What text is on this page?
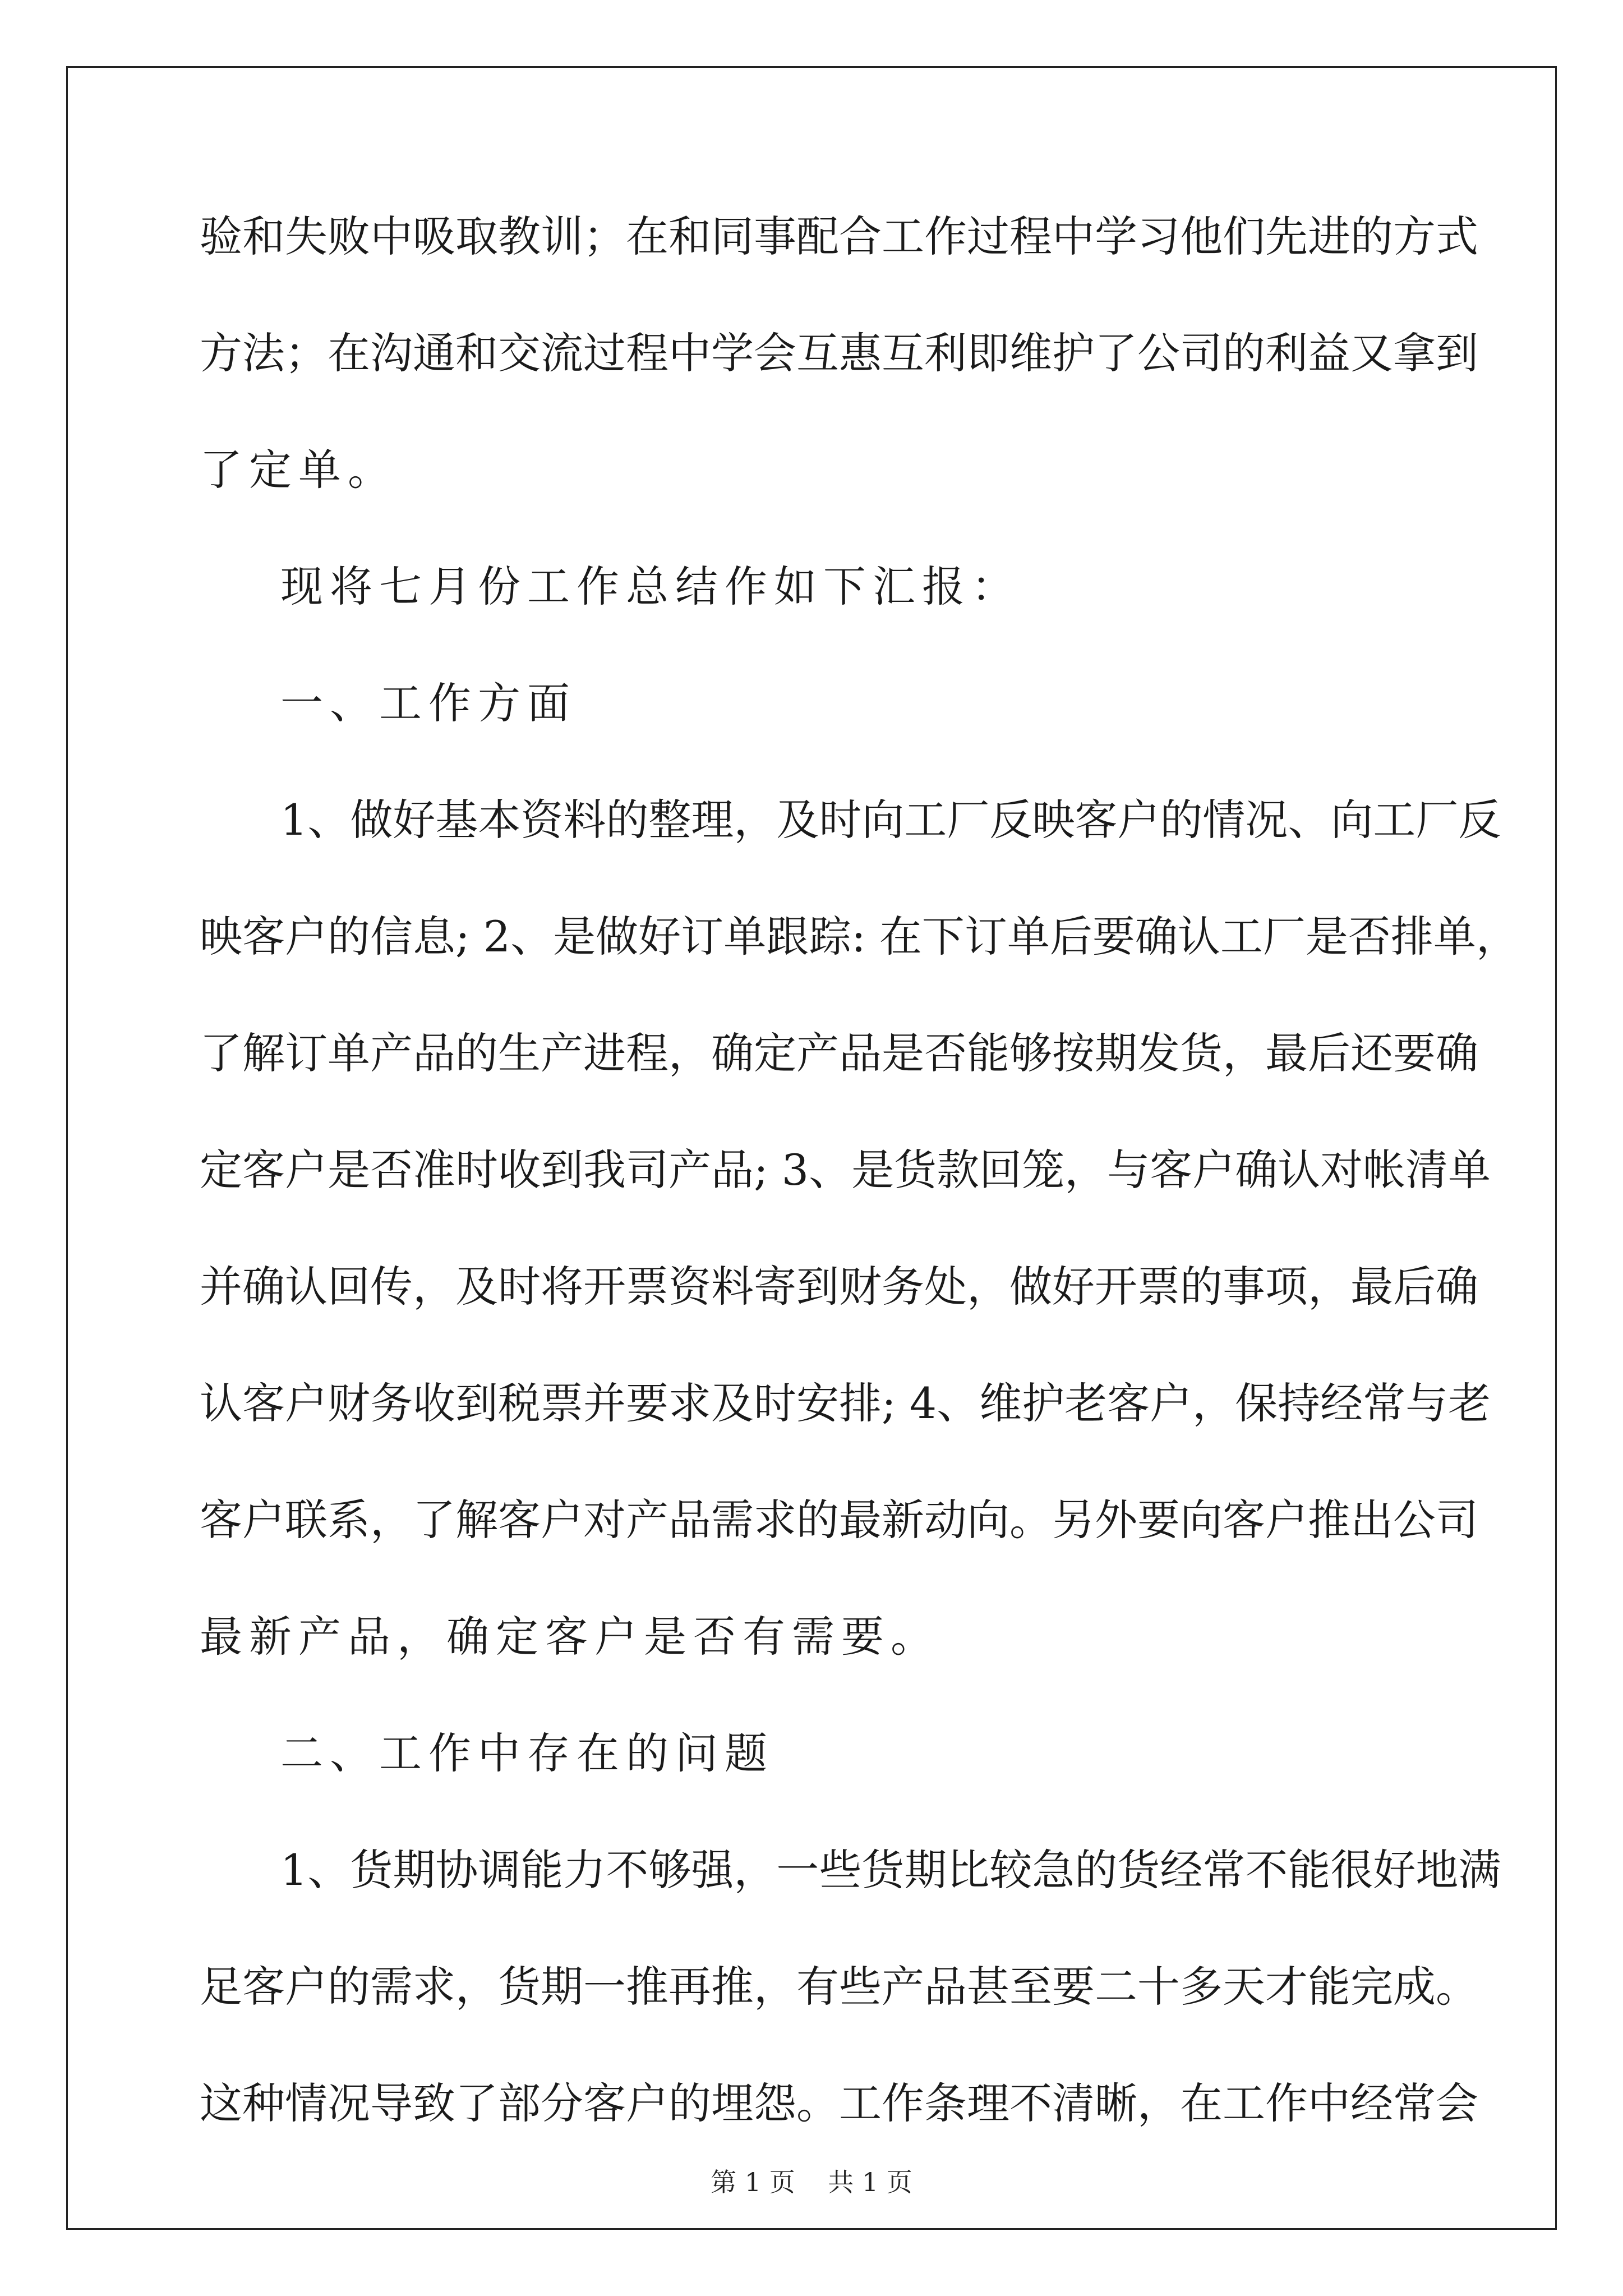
验和失败中吸取教训；在和同事配合工作过程中学习他们先进的方式
方法；在沟通和交流过程中学会互惠互利即维护了公司的利益又拿到
了定单。
现将七月份工作总结作如下汇报：
一、工作方面
1、做好基本资料的整理，及时向工厂反映客户的情况、向工厂反
映客户的信息; 2、是做好订单跟踪: 在下订单后要确认工厂是否排单，
了解订单产品的生产进程，确定产品是否能够按期发货，最后还要确
定客户是否准时收到我司产品; 3、是货款回笼，与客户确认对帐清单
并确认回传，及时将开票资料寄到财务处，做好开票的事项，最后确
认客户财务收到税票并要求及时安排; 4、维护老客户，保持经常与老
客户联系，了解客户对产品需求的最新动向。另外要向客户推出公司
最新产品，确定客户是否有需要。
二、工作中存在的问题
1、货期协调能力不够强，一些货期比较急的货经常不能很好地满
足客户的需求，货期一推再推，有些产品甚至要二十多天才能完成。
这种情况导致了部分客户的埋怨。工作条理不清晰，在工作中经常会
第 1 页    共 1 页
